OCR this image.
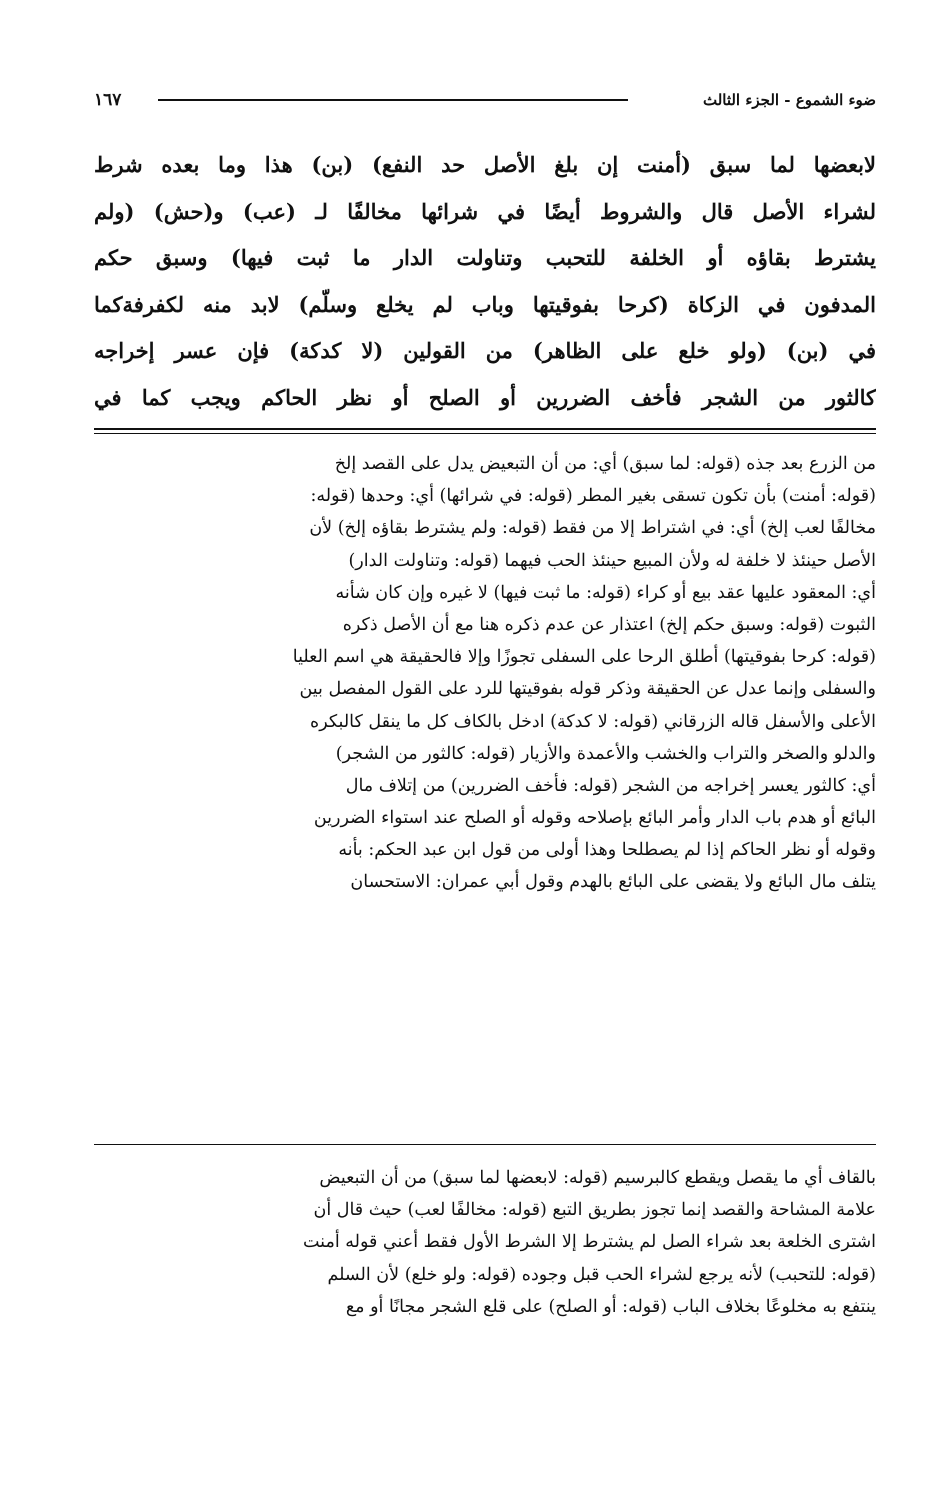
ضوء الشموع - الجزء الثالث
١٦٧
لابعضها لما سبق (أمنت إن بلغ الأصل حد النفع) (بن) هذا وما بعده شرط
لشراء الأصل قال والشروط أيضًا في شرائها مخالفًا لـ (عب) و(حش) (ولم
يشترط بقاؤه أو الخلفة للتحبب وتناولت الدار ما ثبت فيها) وسبق حكم
المدفون في الزكاة (كرحا بفوقيتها وباب لم يخلع وسلّم) لابد منه لكفرفةكما
في (بن) (ولو خلع على الظاهر) من القولين (لا كدكة) فإن عسر إخراجه
كالثور من الشجر فأخف الضررين أو الصلح أو نظر الحاكم ويجب كما في
من الزرع بعد جذه (قوله: لما سبق) أي: من أن التبعيض يدل على القصد إلخ
(قوله: أمنت) بأن تكون تسقى بغير المطر (قوله: في شرائها) أي: وحدها (قوله:
مخالفًا لعب إلخ) أي: في اشتراط إلا من فقط (قوله: ولم يشترط بقاؤه إلخ) لأن
الأصل حينئذ لا خلفة له ولأن المبيع حينئذ الحب فيهما (قوله: وتناولت الدار)
أي: المعقود عليها عقد بيع أو كراء (قوله: ما ثبت فيها) لا غيره وإن كان شأنه
الثبوت (قوله: وسبق حكم إلخ) اعتذار عن عدم ذكره هنا مع أن الأصل ذكره
(قوله: كرحا بفوقيتها) أطلق الرحا على السفلى تجوزًا وإلا فالحقيقة هي اسم العليا
والسفلى وإنما عدل عن الحقيقة وذكر قوله بفوقيتها للرد على القول المفصل بين
الأعلى والأسفل قاله الزرقاني (قوله: لا كدكة) ادخل بالكاف كل ما ينقل كالبكره
والدلو والصخر والتراب والخشب والأعمدة والأزيار (قوله: كالثور من الشجر)
أي: كالثور يعسر إخراجه من الشجر (قوله: فأخف الضررين) من إتلاف مال
البائع أو هدم باب الدار وأمر البائع بإصلاحه وقوله أو الصلح عند استواء الضررين
وقوله أو نظر الحاكم إذا لم يصطلحا وهذا أولى من قول ابن عبد الحكم: بأنه
يتلف مال البائع ولا يقضى على البائع بالهدم وقول أبي عمران: الاستحسان
بالقاف أي ما يقصل ويقطع كالبرسيم (قوله: لابعضها لما سبق) من أن التبعيض
علامة المشاحة والقصد إنما تجوز بطريق التبع (قوله: مخالفًا لعب) حيث قال أن
اشترى الخلعة بعد شراء الصل لم يشترط إلا الشرط الأول فقط أعني قوله أمنت
(قوله: للتحبب) لأنه يرجع لشراء الحب قبل وجوده (قوله: ولو خلع) لأن السلم
ينتفع به مخلوعًا بخلاف الباب (قوله: أو الصلح) على قلع الشجر مجانًا أو مع
